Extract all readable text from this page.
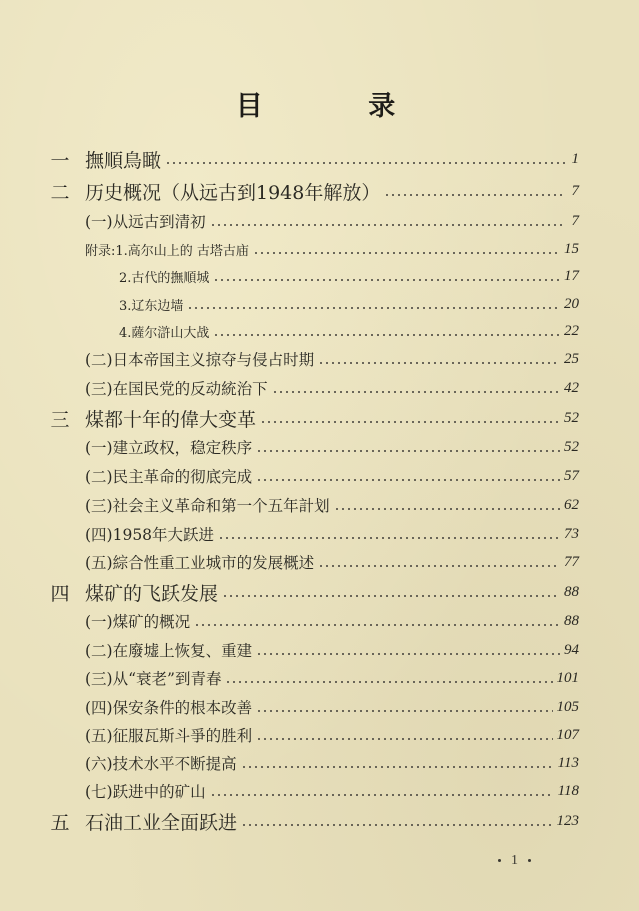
目 录
一 撫順鳥瞰	1
二 历史概况（从远古到1948年解放）	7
(一)从远古到清初	7
附录:1.高尔山上的 古塔古庙	15
2.古代的撫順城	17
3.辽东边墙	20
4.薩尔滸山大战	22
(二)日本帝国主义掠夺与侵占时期	25
(三)在国民党的反动統治下	42
三 煤都十年的偉大变革	52
(一)建立政权，稳定秩序	52
(二)民主革命的彻底完成	57
(三)社会主义革命和第一个五年計划	62
(四)1958年大跃进	73
(五)綜合性重工业城市的发展概述	77
四 煤矿的飞跃发展	88
(一)煤矿的概况	88
(二)在廢墟上恢复、重建	94
(三)从“衰老”到青春	101
(四)保安条件的根本改善	105
(五)征服瓦斯斗爭的胜利	107
(六)技术水平不断提高	113
(七)跃进中的矿山	118
五 石油工业全面跃进	123
1
